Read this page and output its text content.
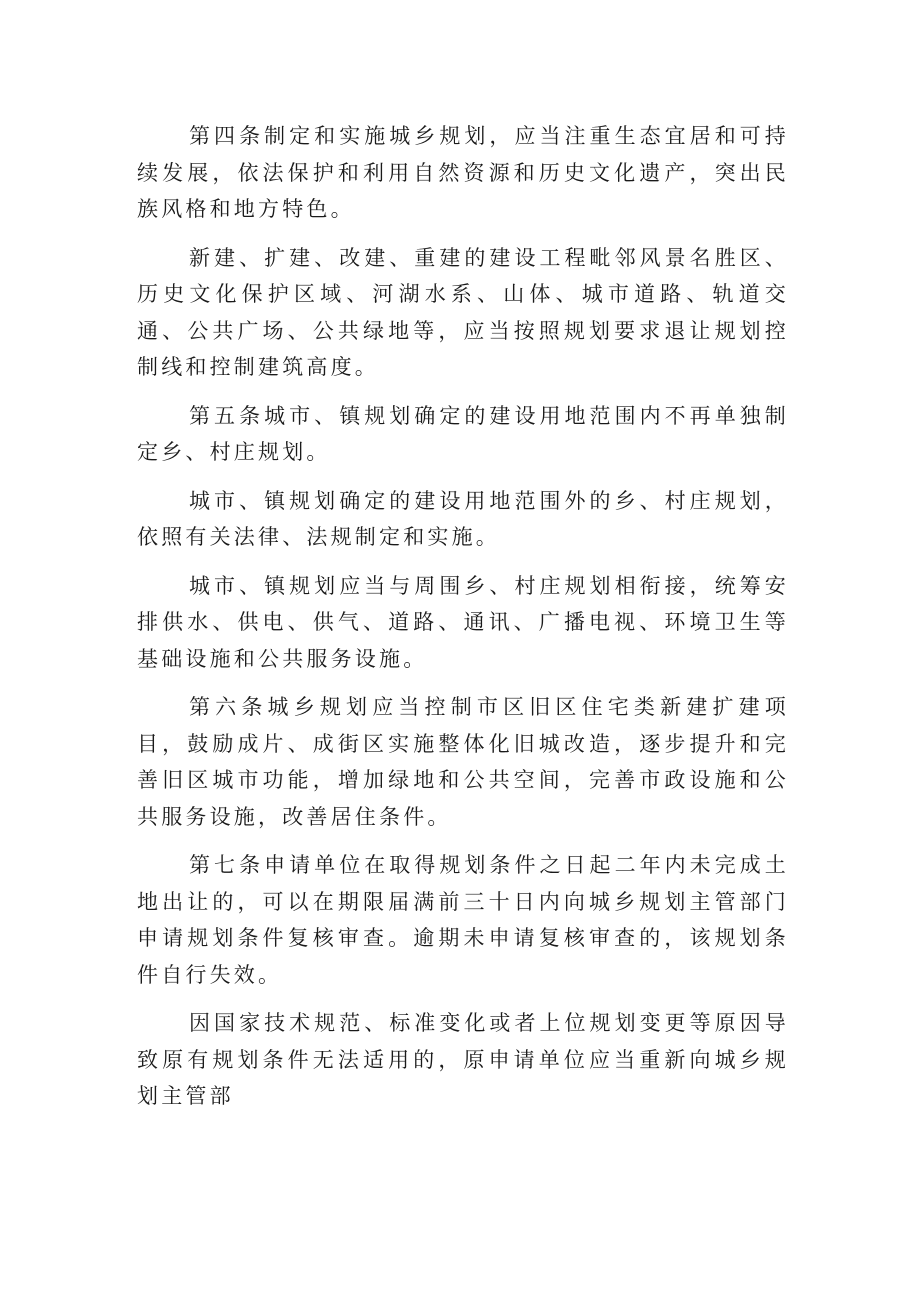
第四条制定和实施城乡规划，应当注重生态宜居和可持续发展，依法保护和利用自然资源和历史文化遗产，突出民族风格和地方特色。

新建、扩建、改建、重建的建设工程毗邻风景名胜区、历史文化保护区域、河湖水系、山体、城市道路、轨道交通、公共广场、公共绿地等，应当按照规划要求退让规划控制线和控制建筑高度。

第五条城市、镇规划确定的建设用地范围内不再单独制定乡、村庄规划。

城市、镇规划确定的建设用地范围外的乡、村庄规划，依照有关法律、法规制定和实施。

城市、镇规划应当与周围乡、村庄规划相衔接，统筹安排供水、供电、供气、道路、通讯、广播电视、环境卫生等基础设施和公共服务设施。

第六条城乡规划应当控制市区旧区住宅类新建扩建项目，鼓励成片、成街区实施整体化旧城改造，逐步提升和完善旧区城市功能，增加绿地和公共空间，完善市政设施和公共服务设施，改善居住条件。

第七条申请单位在取得规划条件之日起二年内未完成土地出让的，可以在期限届满前三十日内向城乡规划主管部门申请规划条件复核审查。逾期未申请复核审查的，该规划条件自行失效。

因国家技术规范、标准变化或者上位规划变更等原因导致原有规划条件无法适用的，原申请单位应当重新向城乡规划主管部
